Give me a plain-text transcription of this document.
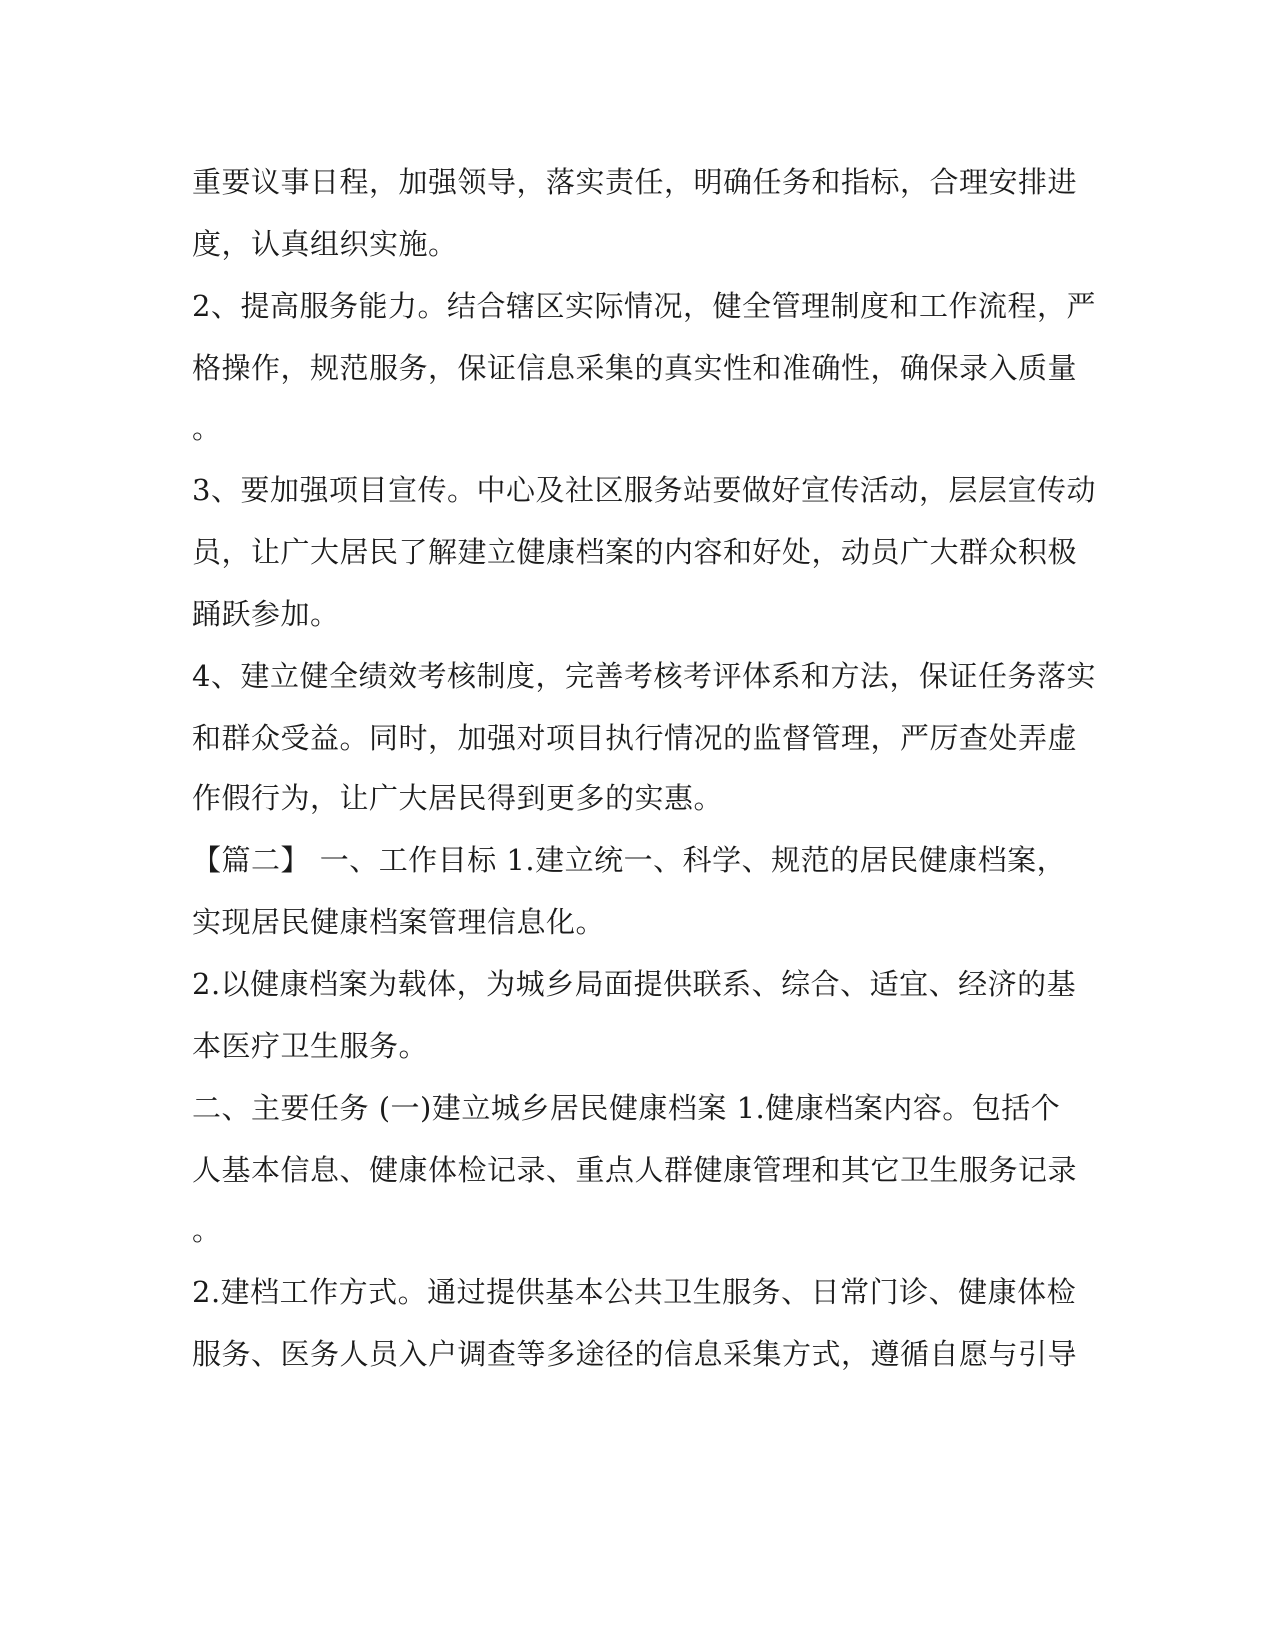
重要议事日程，加强领导，落实责任，明确任务和指标，合理安排进
度，认真组织实施。
2、提高服务能力。结合辖区实际情况，健全管理制度和工作流程，严
格操作，规范服务，保证信息采集的真实性和准确性，确保录入质量
。
3、要加强项目宣传。中心及社区服务站要做好宣传活动，层层宣传动
员，让广大居民了解建立健康档案的内容和好处，动员广大群众积极
踊跃参加。
4、建立健全绩效考核制度，完善考核考评体系和方法，保证任务落实
和群众受益。同时，加强对项目执行情况的监督管理，严厉查处弄虚
作假行为，让广大居民得到更多的实惠。
【篇二】 一、工作目标 1.建立统一、科学、规范的居民健康档案，
实现居民健康档案管理信息化。
2.以健康档案为载体，为城乡局面提供联系、综合、适宜、经济的基
本医疗卫生服务。
二、主要任务 (一)建立城乡居民健康档案 1.健康档案内容。包括个
人基本信息、健康体检记录、重点人群健康管理和其它卫生服务记录
。
2.建档工作方式。通过提供基本公共卫生服务、日常门诊、健康体检
服务、医务人员入户调查等多途径的信息采集方式，遵循自愿与引导
